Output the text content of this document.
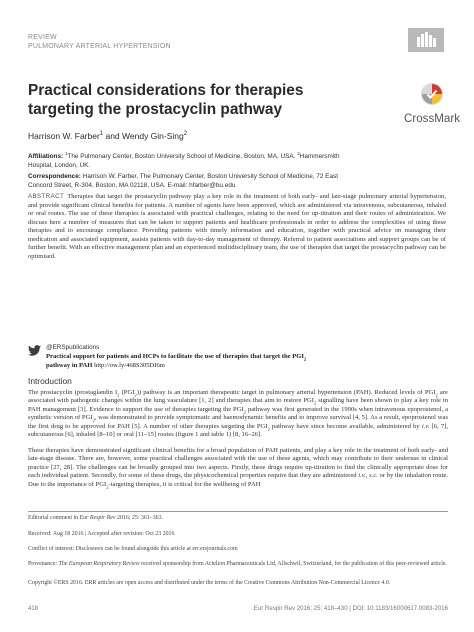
REVIEW
PULMONARY ARTERIAL HYPERTENSION
Practical considerations for therapies
targeting the prostacyclin pathway
CrossMark
Harrison W. Farber$^1$ and Wendy Gin-Sing$^2$
Affiliations: $^1$The Pulmonary Center, Boston University School of Medicine, Boston, MA, USA. $^2$Hammersmith
Hospital, London, UK.
Correspondence: Harrison W. Farber, The Pulmonary Center, Boston University School of Medicine, 72 East
Concord Street, R-304, Boston, MA 02118, USA. E-mail: hfarber@bu.edu
ABSTRACT Therapies that target the prostacyclin pathway play a key role in the treatment of both early- and late-stage pulmonary arterial hypertension, and provide significant clinical benefits for patients. A number of agents have been approved, which are administered via intravenous, subcutaneous, inhaled or oral routes. The use of these therapies is associated with practical challenges, relating to the need for up-titration and their routes of administration. We discuss here a number of measures that can be taken to support patients and healthcare professionals in order to address the complexities of using these therapies and to encourage compliance. Providing patients with timely information and education, together with practical advice on managing their medication and associated equipment, assists patients with day-to-day management of therapy. Referral to patient associations and support groups can be of further benefit. With an effective management plan and an experienced multidisciplinary team, the use of therapies that target the prostacyclin pathway can be optimised.
@ERSpublications
Practical support for patients and HCPs to facilitate the use of therapies that target the $PGI_2$
pathway in PAH http://ow.ly/468S305DI6m
Introduction

The prostacyclin (prostaglandin $I_2$ $(PGI_2)$) pathway is an important therapeutic target in pulmonary arterial hypertension (PAH). Reduced levels of $PGI_2$ are associated with pathogenic changes within the lung vasculature [1, 2] and therapies that aim to restore $PGI_2$ signalling have been shown to play a key role in PAH management [3]. Evidence to support the use of therapies targeting the $PGI_2$ pathway was first generated in the 1990s when intravenous epoprostenol, a synthetic version of $PGI_2$, was demonstrated to provide symptomatic and haemodynamic benefits and to improve survival [4, 5]. As a result, epoprostenol was the first drug to be approved for PAH [5]. A number of other therapies targeting the $PGI_2$ pathway have since become available, administered by i.v. [6, 7], subcutaneous [6], inhaled [8–10] or oral [11–15] routes (figure 1 and table 1) [8, 16–26].

These therapies have demonstrated significant clinical benefits for a broad population of PAH patients, and play a key role in the treatment of both early- and late-stage disease. There are, however, some practical challenges associated with the use of these agents, which may contribute to their underuse in clinical practice [27, 28]. The challenges can be broadly grouped into two aspects. Firstly, these drugs require up-titration to find the clinically appropriate dose for each individual patient. Secondly, for some of these drugs, the physicochemical properties require that they are administered i.v., s.c. or by the inhalation route. Due to the importance of $PGI_2$-targeting therapies, it is critical for the wellbeing of PAH

Editorial comment in Eur Respir Rev 2016; 25: 361–363.
Received: Aug 18 2016 | Accepted after revision: Oct 23 2016
Conflict of interest: Disclosures can be found alongside this article at err.ersjournals.com
Provenance: The European Respiratory Review received sponsorship from Actelion Pharmaceuticals Ltd, Allschwil, Switzerland, for the publication of this peer-reviewed article.
Copyright ©ERS 2016. ERR articles are open access and distributed under the terms of the Creative Commons Attribution Non-Commercial Licence 4.0.
418	Eur Respir Rev 2016; 25: 418–430 | DOI: 10.1183/16000617.0083-2016
